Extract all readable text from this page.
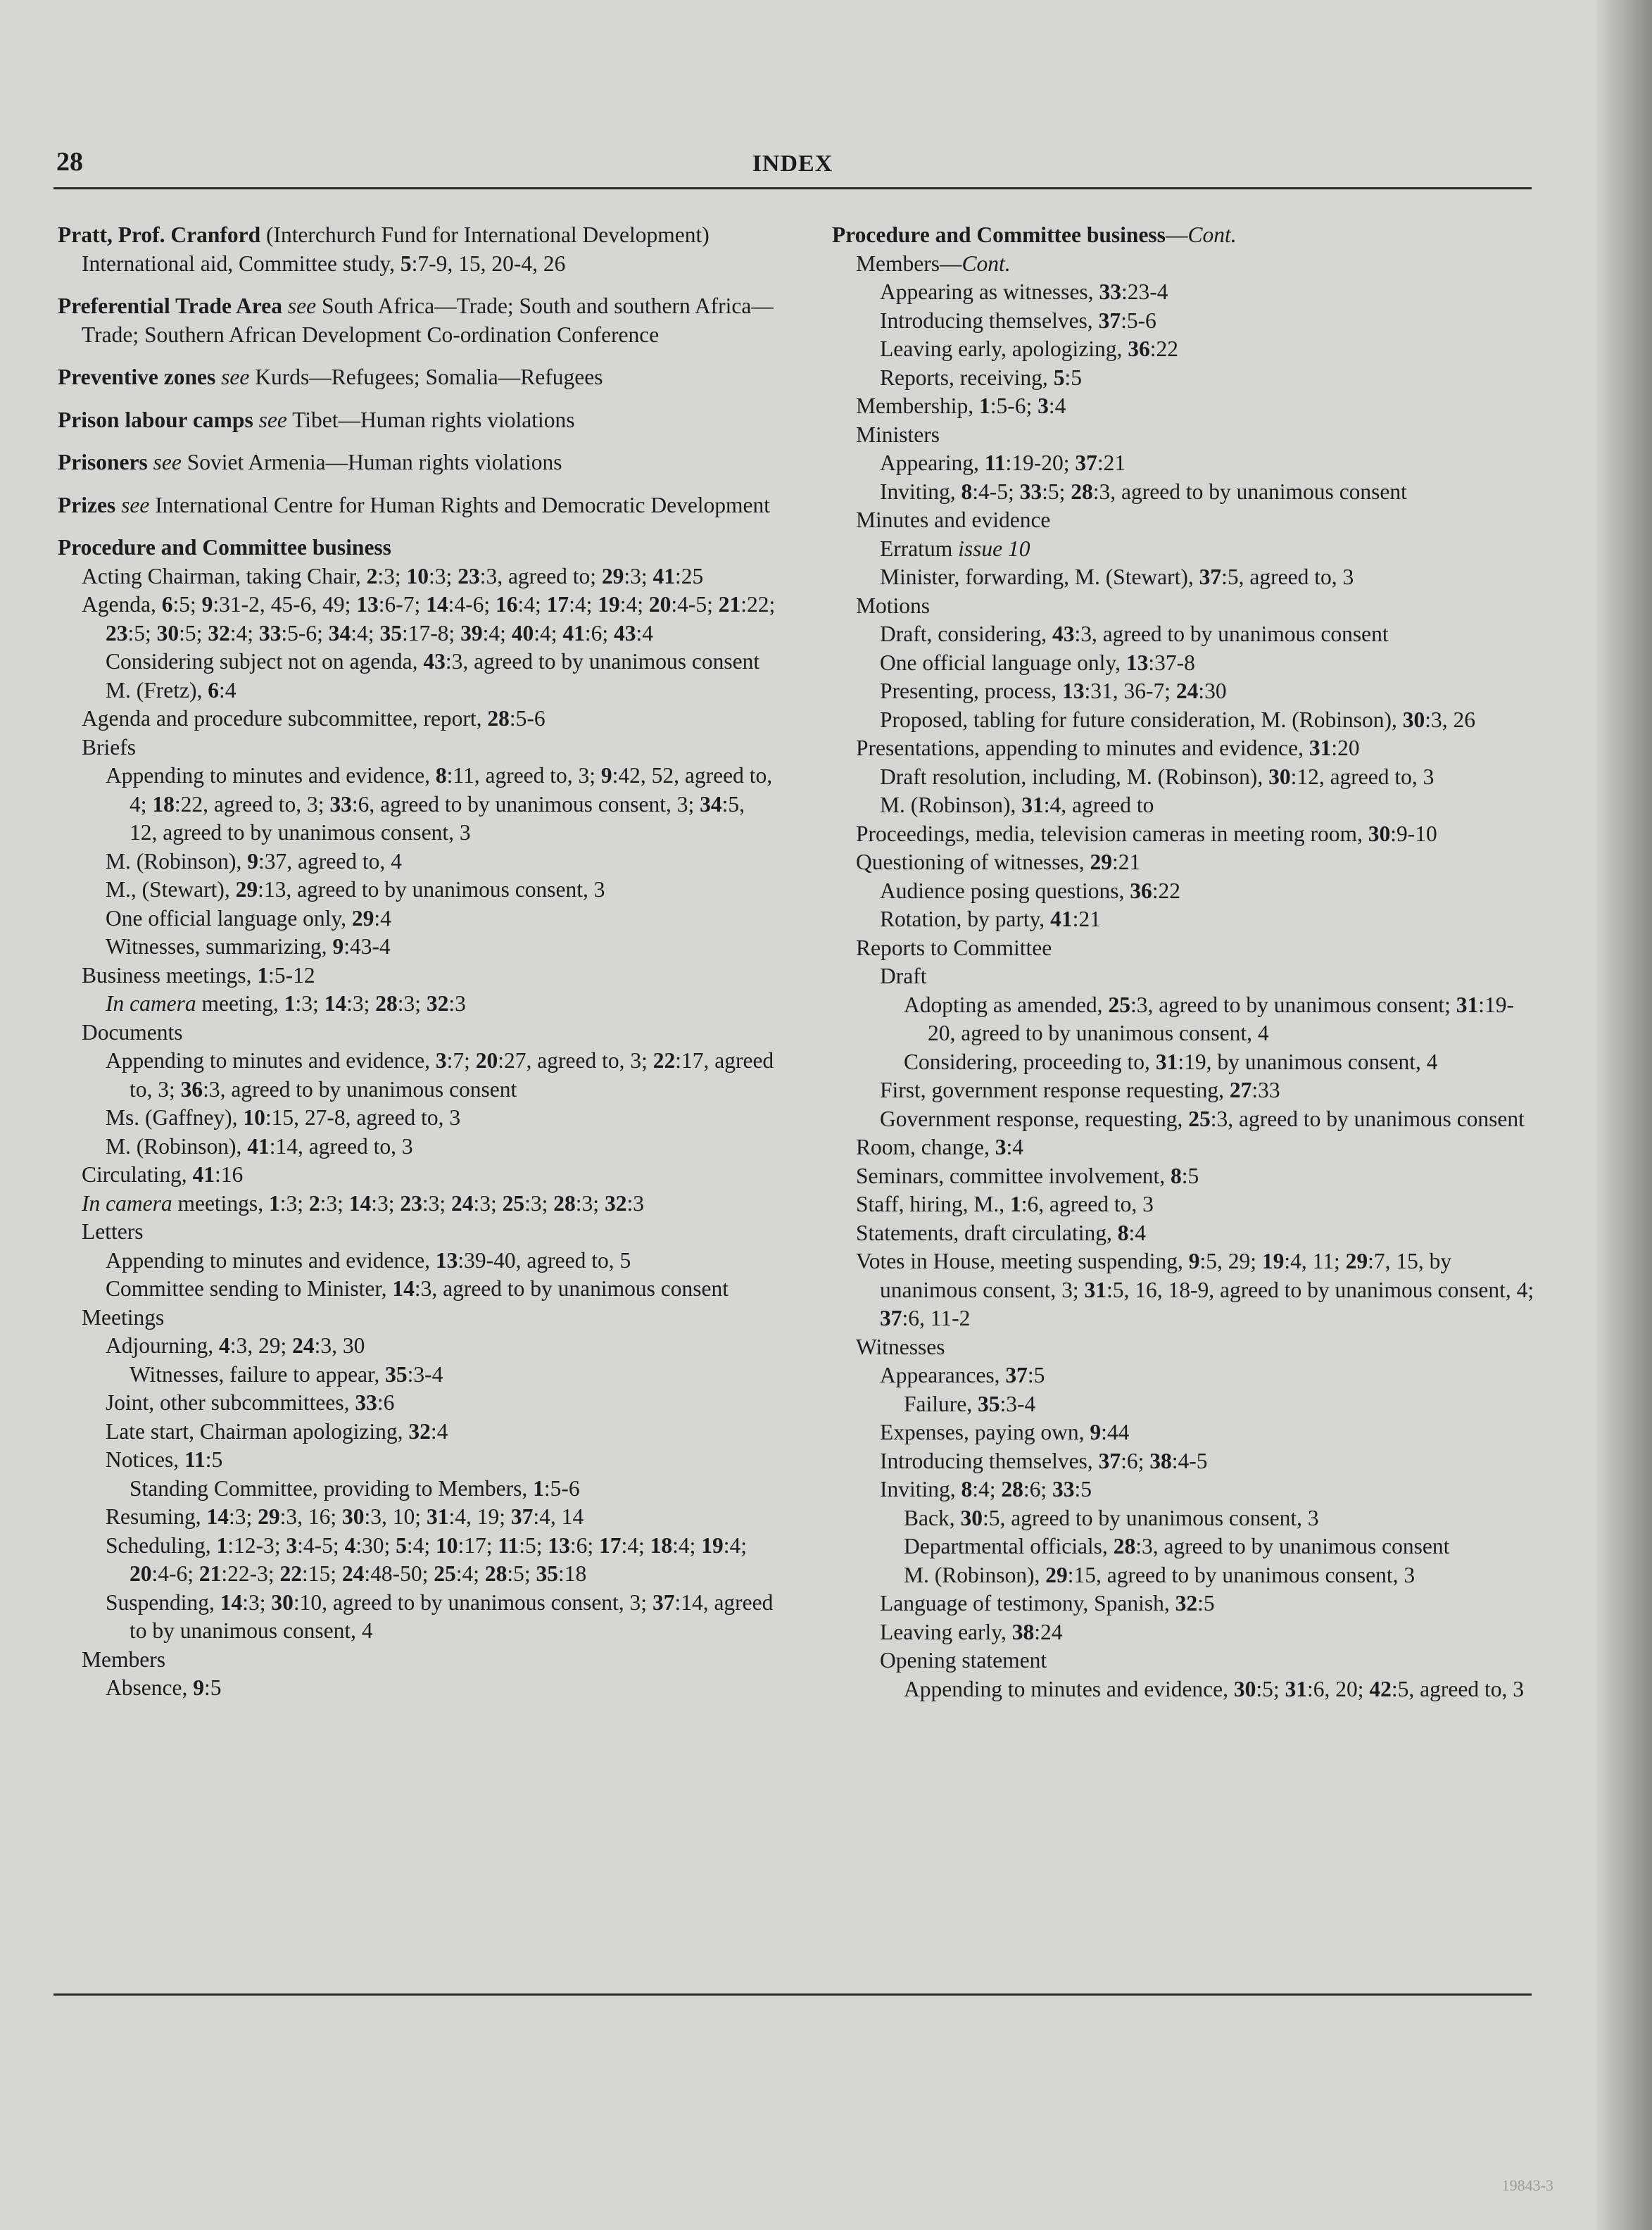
28	INDEX
Pratt, Prof. Cranford (Interchurch Fund for International Development)
International aid, Committee study, 5:7-9, 15, 20-4, 26
Preferential Trade Area see South Africa—Trade; South and southern Africa—Trade; Southern African Development Co-ordination Conference
Preventive zones see Kurds—Refugees; Somalia—Refugees
Prison labour camps see Tibet—Human rights violations
Prisoners see Soviet Armenia—Human rights violations
Prizes see International Centre for Human Rights and Democratic Development
Procedure and Committee business
Acting Chairman, taking Chair, 2:3; 10:3; 23:3, agreed to; 29:3; 41:25
Agenda, 6:5; 9:31-2, 45-6, 49; 13:6-7; 14:4-6; 16:4; 17:4; 19:4; 20:4-5; 21:22; 23:5; 30:5; 32:4; 33:5-6; 34:4; 35:17-8; 39:4; 40:4; 41:6; 43:4
Considering subject not on agenda, 43:3, agreed to by unanimous consent
M. (Fretz), 6:4
Agenda and procedure subcommittee, report, 28:5-6
Briefs
Appending to minutes and evidence, 8:11, agreed to, 3; 9:42, 52, agreed to, 4; 18:22, agreed to, 3; 33:6, agreed to by unanimous consent, 3; 34:5, 12, agreed to by unanimous consent, 3
M. (Robinson), 9:37, agreed to, 4
M., (Stewart), 29:13, agreed to by unanimous consent, 3
One official language only, 29:4
Witnesses, summarizing, 9:43-4
Business meetings, 1:5-12
In camera meeting, 1:3; 14:3; 28:3; 32:3
Documents
Appending to minutes and evidence, 3:7; 20:27, agreed to, 3; 22:17, agreed to, 3; 36:3, agreed to by unanimous consent
Ms. (Gaffney), 10:15, 27-8, agreed to, 3
M. (Robinson), 41:14, agreed to, 3
Circulating, 41:16
In camera meetings, 1:3; 2:3; 14:3; 23:3; 24:3; 25:3; 28:3; 32:3
Letters
Appending to minutes and evidence, 13:39-40, agreed to, 5
Committee sending to Minister, 14:3, agreed to by unanimous consent
Meetings
Adjourning, 4:3, 29; 24:3, 30
Witnesses, failure to appear, 35:3-4
Joint, other subcommittees, 33:6
Late start, Chairman apologizing, 32:4
Notices, 11:5
Standing Committee, providing to Members, 1:5-6
Resuming, 14:3; 29:3, 16; 30:3, 10; 31:4, 19; 37:4, 14
Scheduling, 1:12-3; 3:4-5; 4:30; 5:4; 10:17; 11:5; 13:6; 17:4; 18:4; 19:4; 20:4-6; 21:22-3; 22:15; 24:48-50; 25:4; 28:5; 35:18
Suspending, 14:3; 30:10, agreed to by unanimous consent, 3; 37:14, agreed to by unanimous consent, 4
Members
Absence, 9:5
Procedure and Committee business—Cont.
Members—Cont.
Appearing as witnesses, 33:23-4
Introducing themselves, 37:5-6
Leaving early, apologizing, 36:22
Reports, receiving, 5:5
Membership, 1:5-6; 3:4
Ministers
Appearing, 11:19-20; 37:21
Inviting, 8:4-5; 33:5; 28:3, agreed to by unanimous consent
Minutes and evidence
Erratum issue 10
Minister, forwarding, M. (Stewart), 37:5, agreed to, 3
Motions
Draft, considering, 43:3, agreed to by unanimous consent
One official language only, 13:37-8
Presenting, process, 13:31, 36-7; 24:30
Proposed, tabling for future consideration, M. (Robinson), 30:3, 26
Presentations, appending to minutes and evidence, 31:20
Draft resolution, including, M. (Robinson), 30:12, agreed to, 3
M. (Robinson), 31:4, agreed to
Proceedings, media, television cameras in meeting room, 30:9-10
Questioning of witnesses, 29:21
Audience posing questions, 36:22
Rotation, by party, 41:21
Reports to Committee
Draft
Adopting as amended, 25:3, agreed to by unanimous consent; 31:19-20, agreed to by unanimous consent, 4
Considering, proceeding to, 31:19, by unanimous consent, 4
First, government response requesting, 27:33
Government response, requesting, 25:3, agreed to by unanimous consent
Room, change, 3:4
Seminars, committee involvement, 8:5
Staff, hiring, M., 1:6, agreed to, 3
Statements, draft circulating, 8:4
Votes in House, meeting suspending, 9:5, 29; 19:4, 11; 29:7, 15, by unanimous consent, 3; 31:5, 16, 18-9, agreed to by unanimous consent, 4; 37:6, 11-2
Witnesses
Appearances, 37:5
Failure, 35:3-4
Expenses, paying own, 9:44
Introducing themselves, 37:6; 38:4-5
Inviting, 8:4; 28:6; 33:5
Back, 30:5, agreed to by unanimous consent, 3
Departmental officials, 28:3, agreed to by unanimous consent
M. (Robinson), 29:15, agreed to by unanimous consent, 3
Language of testimony, Spanish, 32:5
Leaving early, 38:24
Opening statement
Appending to minutes and evidence, 30:5; 31:6, 20; 42:5, agreed to, 3
19843-3
